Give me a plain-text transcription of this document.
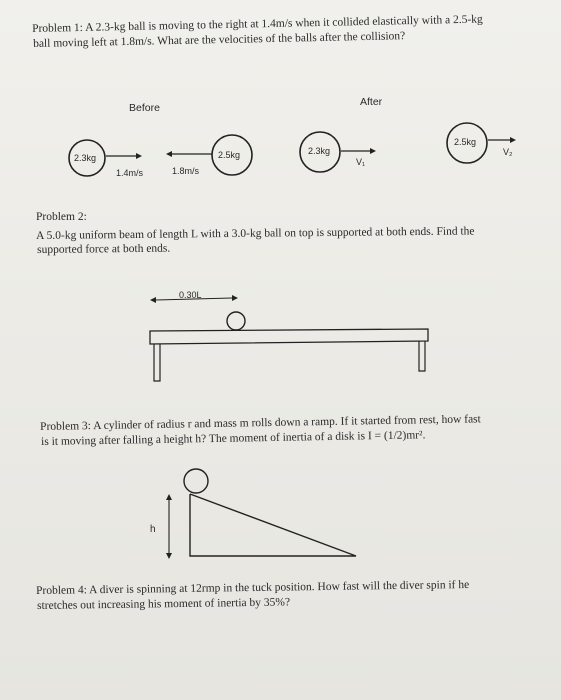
Problem 1: A 2.3-kg ball is moving to the right at 1.4m/s when it collided elastically with a 2.5-kg
ball moving left at 1.8m/s. What are the velocities of the balls after the collision?
Before	After
2.3kg	2.5kg	2.3kg
2.5kg
1.4m/s	1.8m/s
V₁
V₂
Problem 2:
A 5.0-kg uniform beam of length L with a 3.0-kg ball on top is supported at both ends. Find the
supported force at both ends.
0.30L
Problem 3: A cylinder of radius r and mass m rolls down a ramp. If it started from rest, how fast
is it moving after falling a height h? The moment of inertia of a disk is I = (1/2)mr².
h
Problem 4: A diver is spinning at 12rmp in the tuck position. How fast will the diver spin if he
stretches out increasing his moment of inertia by 35%?
